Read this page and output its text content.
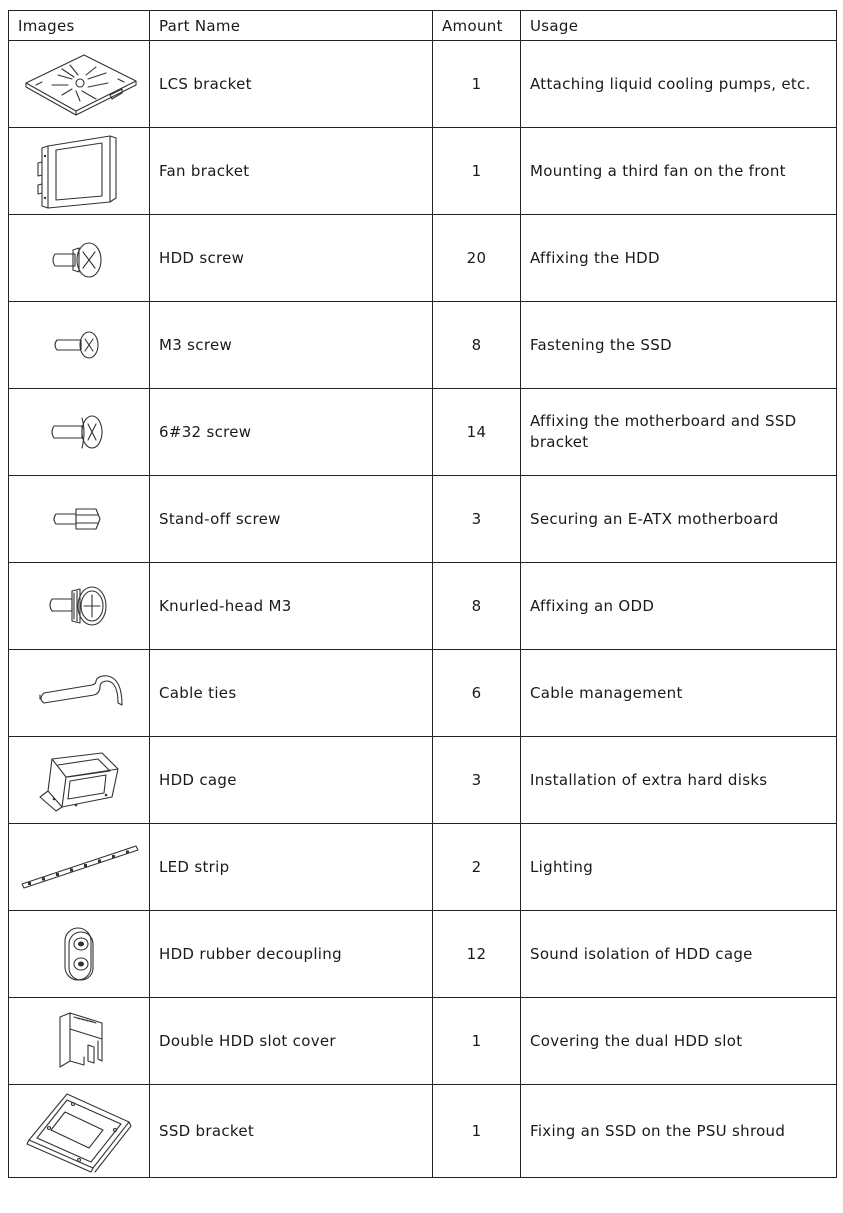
Images	Part Name	Amount	Usage

	LCS bracket	1	Attaching liquid cooling pumps, etc.

	Fan bracket	1	Mounting a third fan on the front

	HDD screw	20	Affixing the HDD

	M3 screw	8	Fastening the SSD

	6#32 screw	14	Affixing the motherboard and SSD bracket

	Stand-off screw	3	Securing an E-ATX motherboard

	Knurled-head M3	8	Affixing an ODD

	Cable ties	6	Cable management

	HDD cage	3	Installation of extra hard disks

	LED strip	2	Lighting

	HDD rubber decoupling	12	Sound isolation of HDD cage

	Double HDD slot cover	1	Covering the dual HDD slot

	SSD bracket	1	Fixing an SSD on the PSU shroud
